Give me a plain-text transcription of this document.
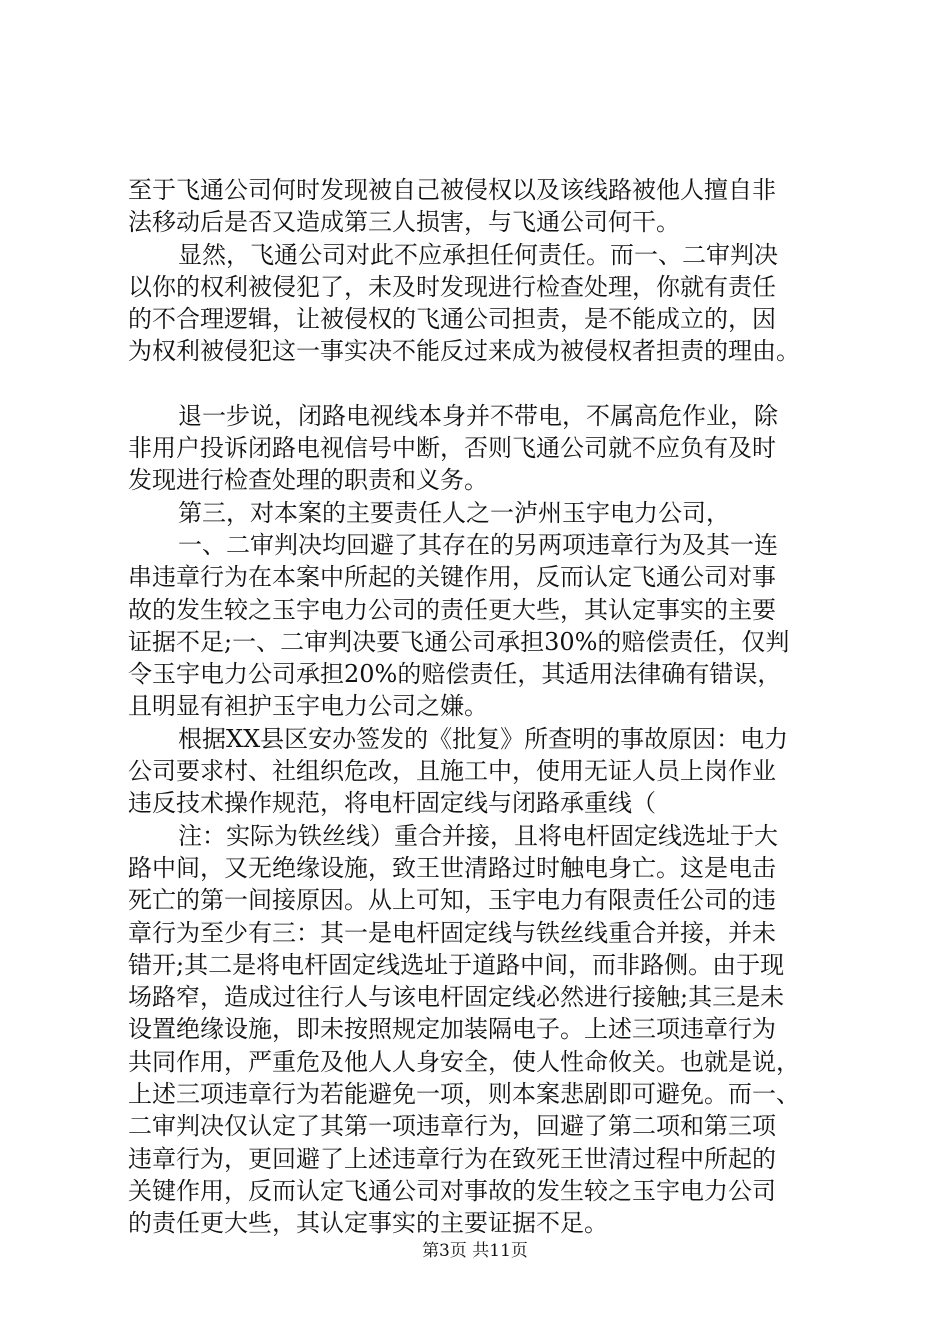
至于飞通公司何时发现被自己被侵权以及该线路被他人擅自非
法移动后是否又造成第三人损害，与飞通公司何干。
显然，飞通公司对此不应承担任何责任。而一、二审判决
以你的权利被侵犯了，未及时发现进行检查处理，你就有责任
的不合理逻辑，让被侵权的飞通公司担责，是不能成立的，因
为权利被侵犯这一事实决不能反过来成为被侵权者担责的理由。
退一步说，闭路电视线本身并不带电，不属高危作业，除
非用户投诉闭路电视信号中断，否则飞通公司就不应负有及时
发现进行检查处理的职责和义务。
第三，对本案的主要责任人之一泸州玉宇电力公司，
一、二审判决均回避了其存在的另两项违章行为及其一连
串违章行为在本案中所起的关键作用，反而认定飞通公司对事
故的发生较之玉宇电力公司的责任更大些，其认定事实的主要
证据不足;一、二审判决要飞通公司承担30%的赔偿责任，仅判
令玉宇电力公司承担20%的赔偿责任，其适用法律确有错误，
且明显有袒护玉宇电力公司之嫌。
根据XX县区安办签发的《批复》所查明的事故原因：电力
公司要求村、社组织危改，且施工中，使用无证人员上岗作业
违反技术操作规范，将电杆固定线与闭路承重线（
注：实际为铁丝线）重合并接，且将电杆固定线选址于大
路中间，又无绝缘设施，致王世清路过时触电身亡。这是电击
死亡的第一间接原因。从上可知，玉宇电力有限责任公司的违
章行为至少有三：其一是电杆固定线与铁丝线重合并接，并未
错开;其二是将电杆固定线选址于道路中间，而非路侧。由于现
场路窄，造成过往行人与该电杆固定线必然进行接触;其三是未
设置绝缘设施，即未按照规定加装隔电子。上述三项违章行为
共同作用，严重危及他人人身安全，使人性命攸关。也就是说，
上述三项违章行为若能避免一项，则本案悲剧即可避免。而一、
二审判决仅认定了其第一项违章行为，回避了第二项和第三项
违章行为，更回避了上述违章行为在致死王世清过程中所起的
关键作用，反而认定飞通公司对事故的发生较之玉宇电力公司
的责任更大些，其认定事实的主要证据不足。
第3页 共11页
